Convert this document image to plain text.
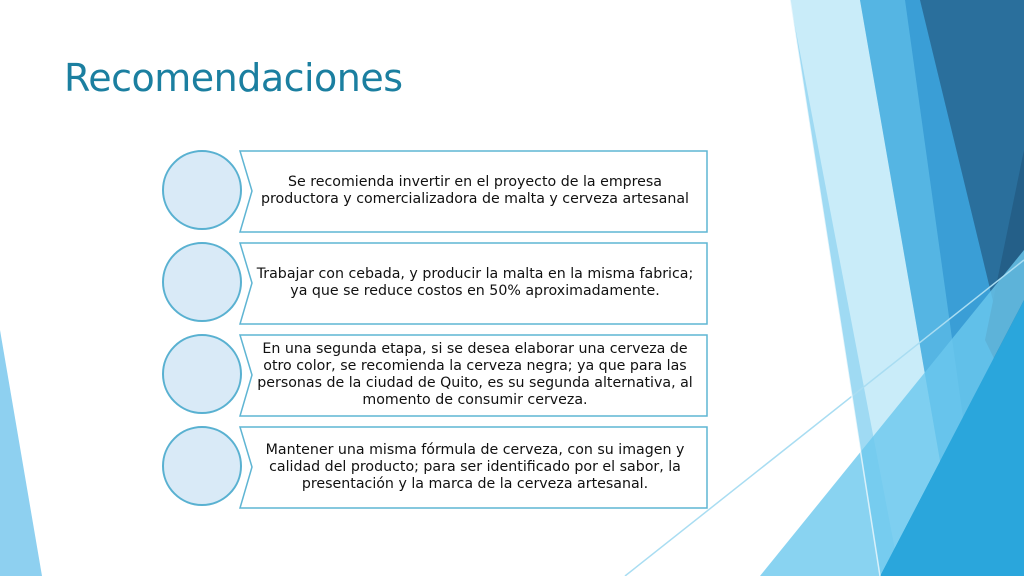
Recomendaciones
Se recomienda invertir en el proyecto de la empresa productora y comercializadora de malta y cerveza artesanal
Trabajar con cebada, y producir la malta en la misma fabrica; ya que se reduce costos en 50% aproximadamente.
En una segunda etapa, si se desea elaborar una cerveza de otro color, se recomienda la cerveza negra; ya que para las personas de la ciudad de Quito, es su segunda alternativa, al momento de consumir cerveza.
Mantener una misma fórmula de cerveza, con su imagen y calidad del producto; para ser identificado por el sabor, la presentación y la marca de la cerveza artesanal.
